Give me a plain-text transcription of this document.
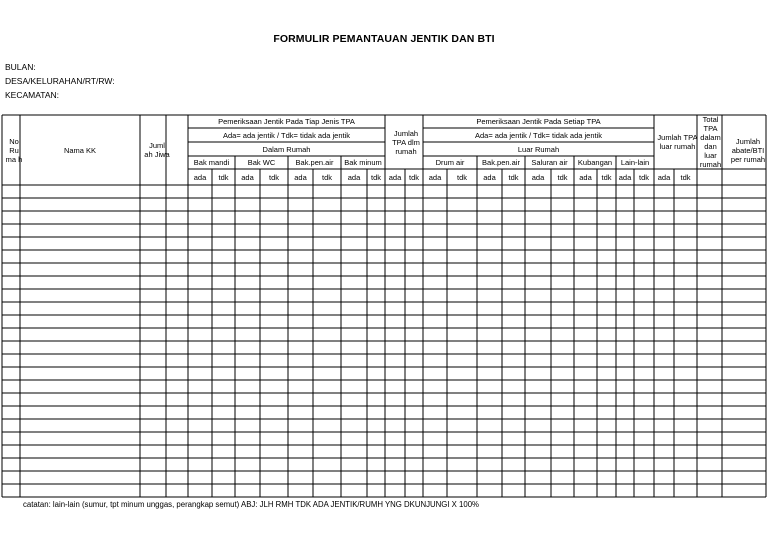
FORMULIR PEMANTAUAN JENTIK DAN BTI
BULAN:
DESA/KELURAHAN/RT/RW:
KECAMATAN:
No Ru ma h
Nama KK	Juml ah Jiwa
Pemeriksaan Jentik Pada Tiap Jenis TPA
Ada= ada jentik / Tdk= tidak ada jentik
Dalam Rumah
Bak mandi Bak WC	Bak.pen.air Bak minum
Jumlah TPA dlm rumah
Pemeriksaan Jentik Pada Setiap TPA
Ada= ada jentik / Tdk= tidak ada jentik
Luar Rumah
Drum air Bak.pen.air Saluran air Kubangan Lain-lain
Jumlah TPA luar rumah
Total TPA dalam dan luar rumah
Jumlah abate/BTI per rumah
ada tdk ada tdk ada tdk ada tdk ada tdk ada tdk ada tdk ada tdk ada tdk ada tdk ada tdk
catatan: lain-lain (sumur, tpt minum unggas, perangkap semut) ABJ: JLH RMH TDK ADA JENTIK/RUMH YNG DKUNJUNGI X 100%
